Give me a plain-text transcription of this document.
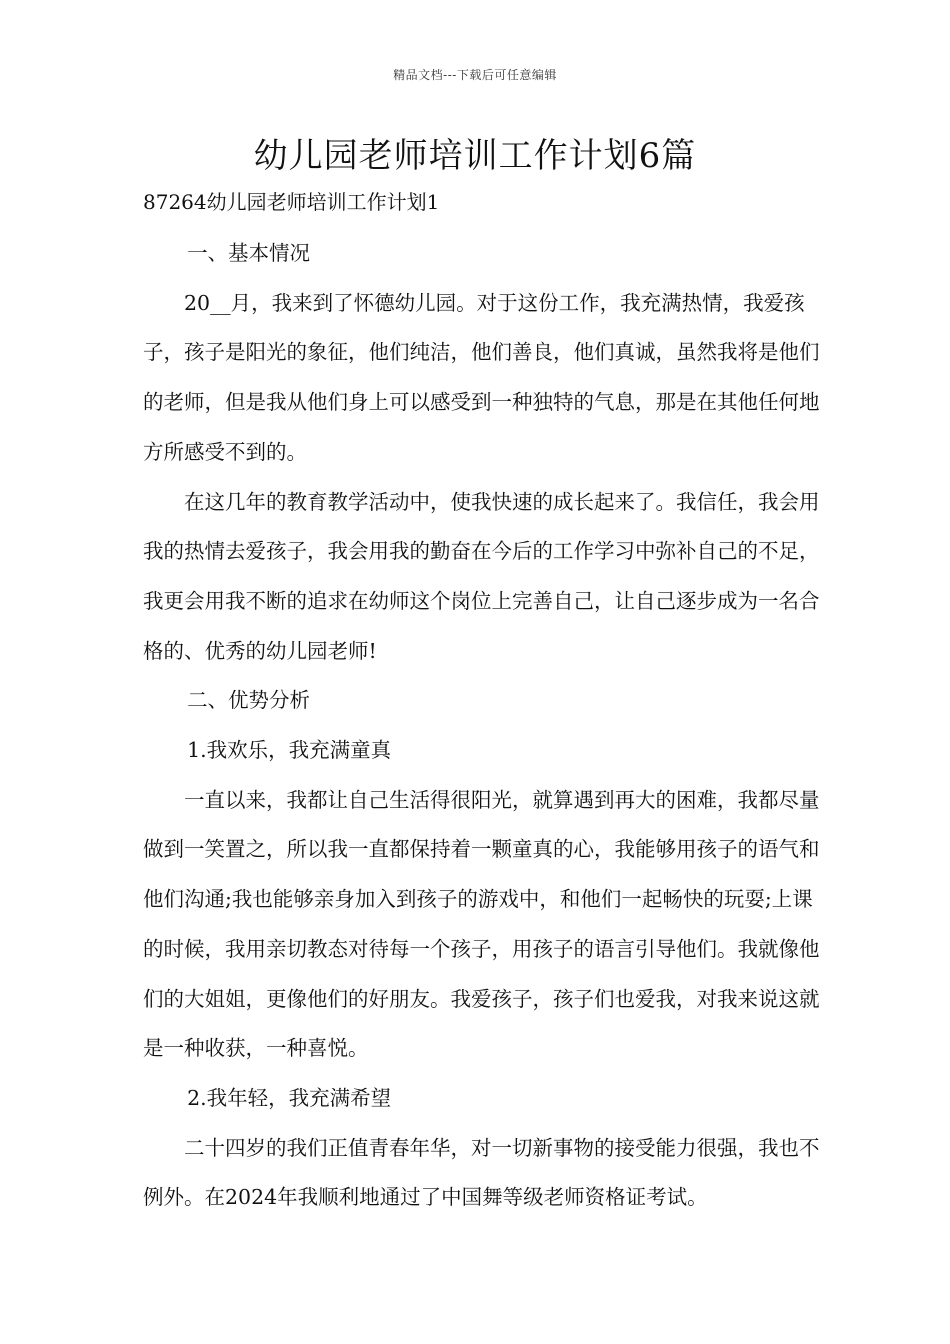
精品文档---下载后可任意编辑
幼儿园老师培训工作计划6篇
87264幼儿园老师培训工作计划1

一、基本情况

20__月，我来到了怀德幼儿园。对于这份工作，我充满热情，我爱孩子，孩子是阳光的象征，他们纯洁，他们善良，他们真诚，虽然我将是他们的老师，但是我从他们身上可以感受到一种独特的气息，那是在其他任何地方所感受不到的。

在这几年的教育教学活动中，使我快速的成长起来了。我信任，我会用我的热情去爱孩子，我会用我的勤奋在今后的工作学习中弥补自己的不足，我更会用我不断的追求在幼师这个岗位上完善自己，让自己逐步成为一名合格的、优秀的幼儿园老师!

二、优势分析

1.我欢乐，我充满童真

一直以来，我都让自己生活得很阳光，就算遇到再大的困难，我都尽量做到一笑置之，所以我一直都保持着一颗童真的心，我能够用孩子的语气和他们沟通;我也能够亲身加入到孩子的游戏中，和他们一起畅快的玩耍;上课的时候，我用亲切教态对待每一个孩子，用孩子的语言引导他们。我就像他们的大姐姐，更像他们的好朋友。我爱孩子，孩子们也爱我，对我来说这就是一种收获，一种喜悦。

2.我年轻，我充满希望

二十四岁的我们正值青春年华，对一切新事物的接受能力很强，我也不例外。在2024年我顺利地通过了中国舞等级老师资格证考试。
